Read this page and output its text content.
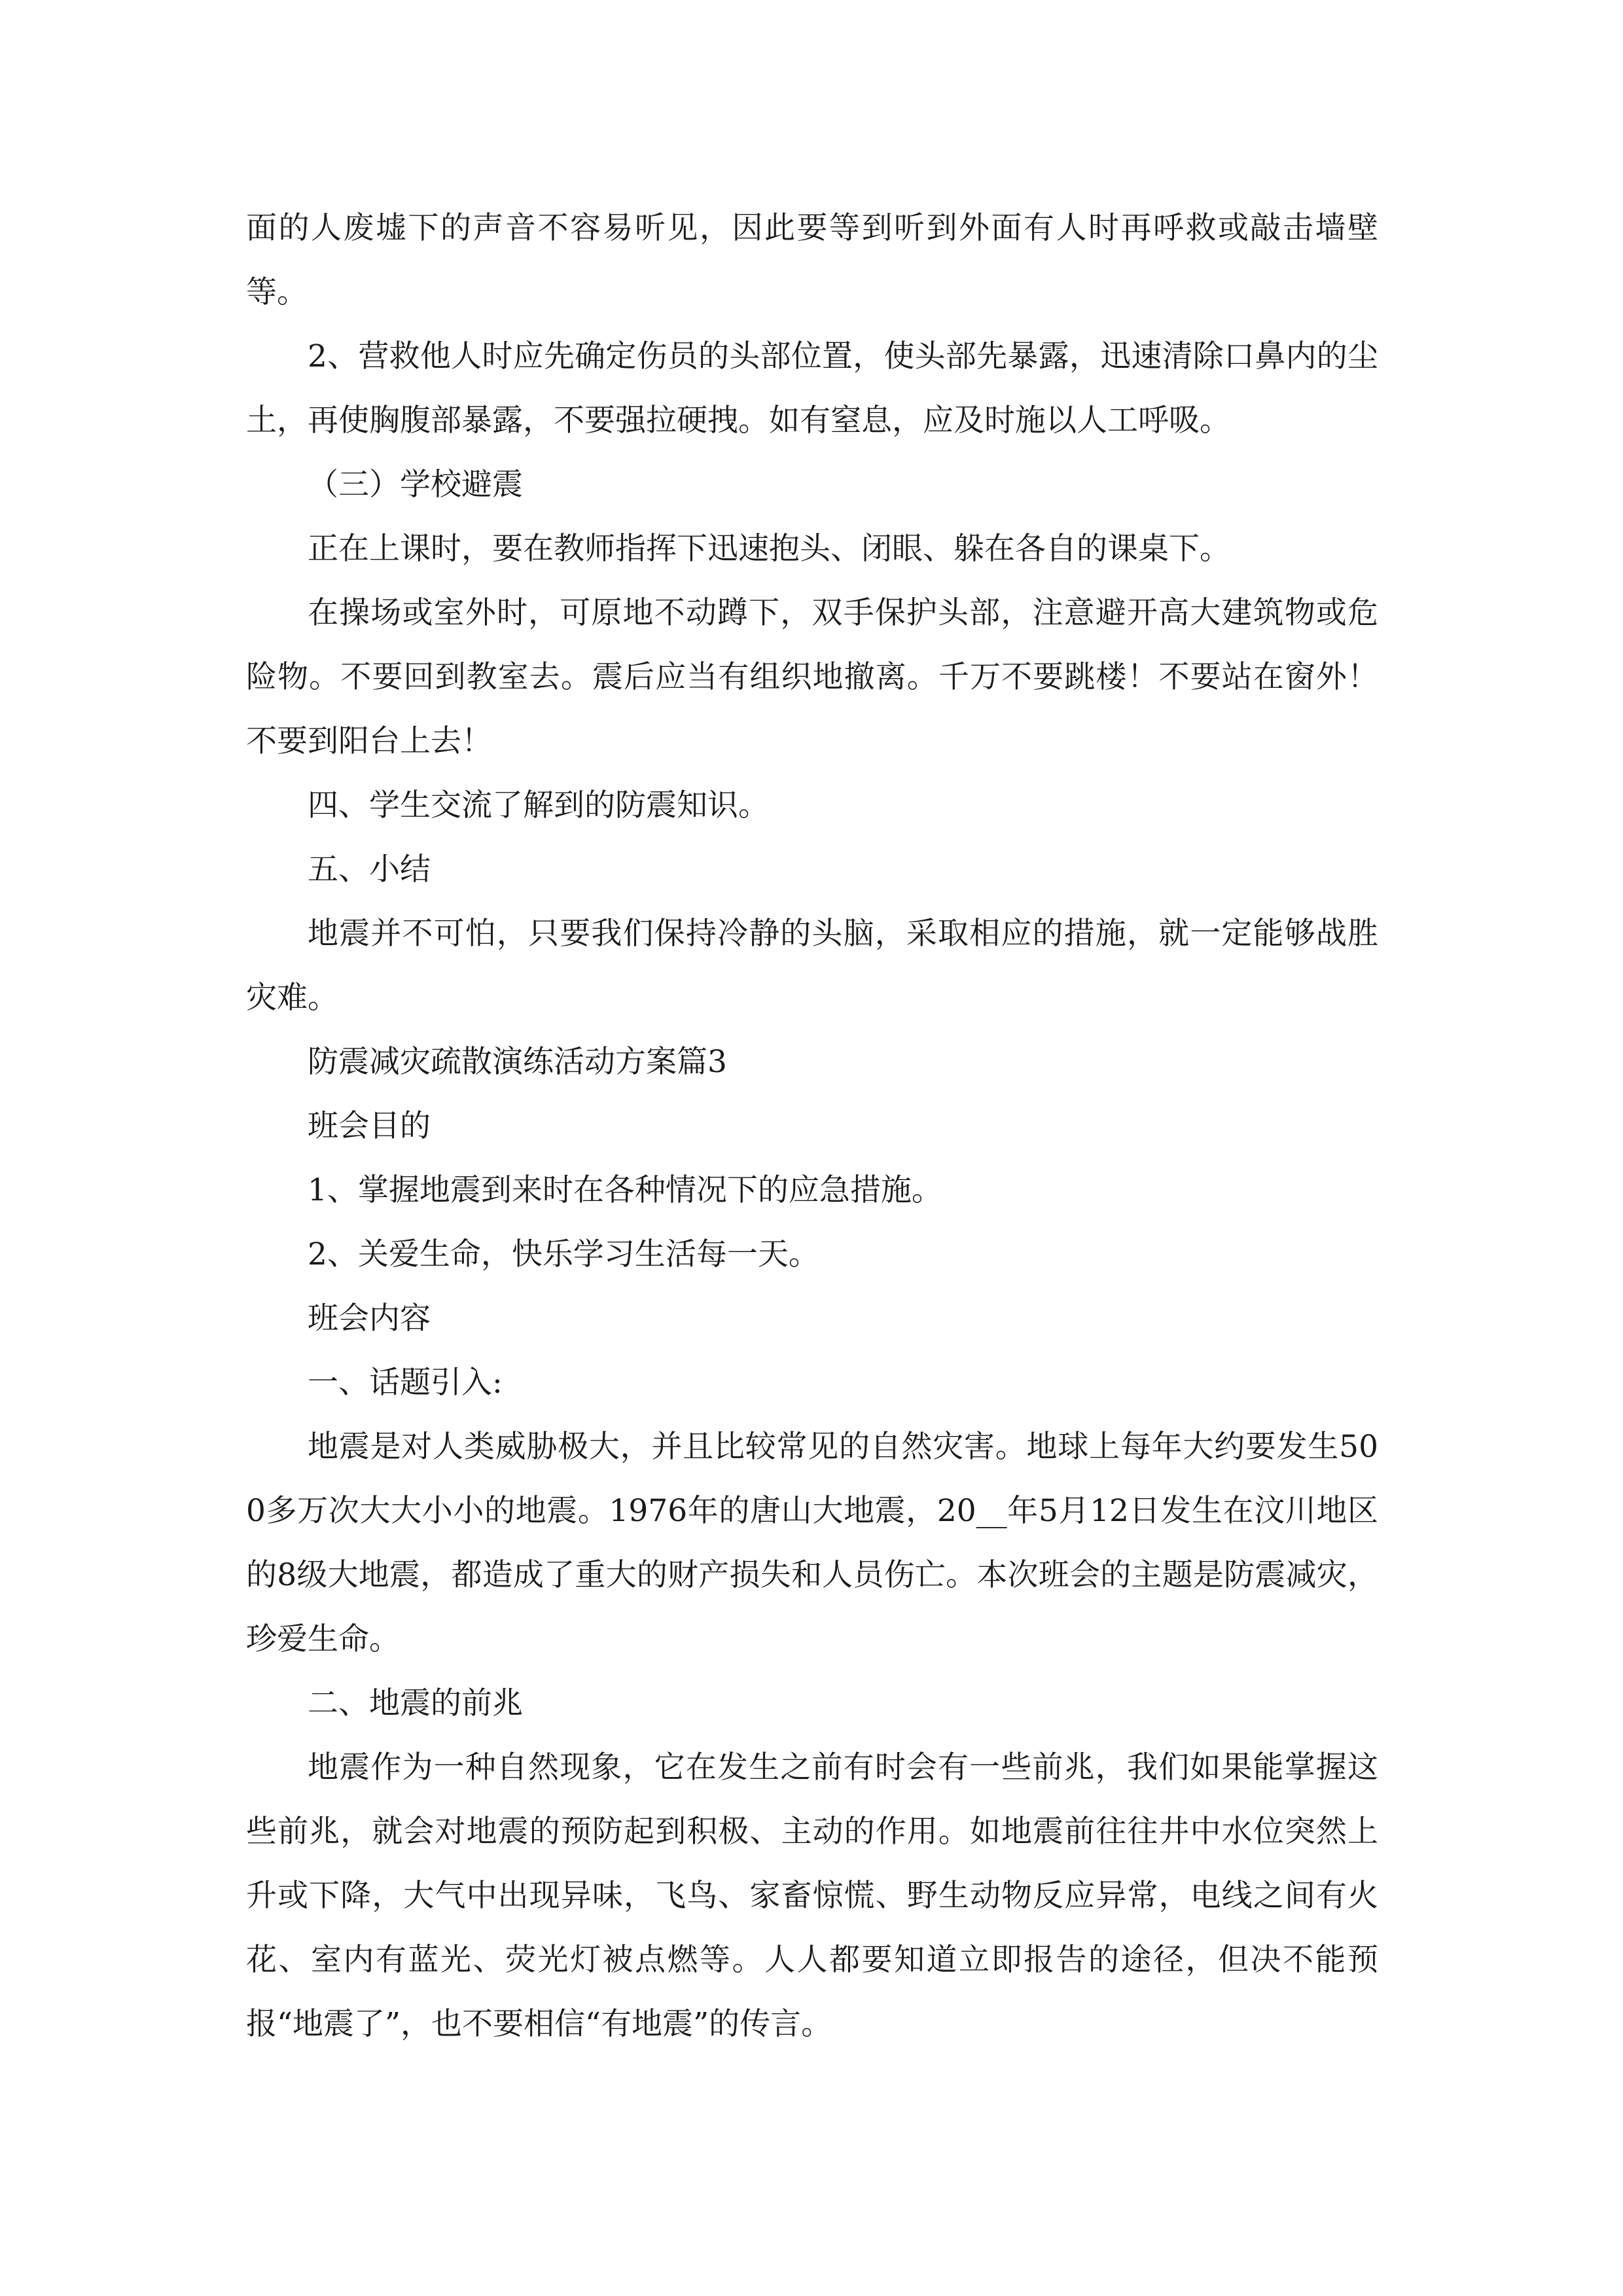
面的人废墟下的声音不容易听见，因此要等到听到外面有人时再呼救或敲击墙壁等。

2、营救他人时应先确定伤员的头部位置，使头部先暴露，迅速清除口鼻内的尘土，再使胸腹部暴露，不要强拉硬拽。如有窒息，应及时施以人工呼吸。

（三）学校避震

正在上课时，要在教师指挥下迅速抱头、闭眼、躲在各自的课桌下。

在操场或室外时，可原地不动蹲下，双手保护头部，注意避开高大建筑物或危险物。不要回到教室去。震后应当有组织地撤离。千万不要跳楼！不要站在窗外！不要到阳台上去！

四、学生交流了解到的防震知识。

五、小结

地震并不可怕，只要我们保持冷静的头脑，采取相应的措施，就一定能够战胜灾难。

防震减灾疏散演练活动方案篇3

班会目的

1、掌握地震到来时在各种情况下的应急措施。

2、关爱生命，快乐学习生活每一天。

班会内容

一、话题引入:

地震是对人类威胁极大，并且比较常见的自然灾害。地球上每年大约要发生500多万次大大小小的地震。1976年的唐山大地震，20__年5月12日发生在汶川地区的8级大地震，都造成了重大的财产损失和人员伤亡。本次班会的主题是防震减灾，珍爱生命。

二、地震的前兆

地震作为一种自然现象，它在发生之前有时会有一些前兆，我们如果能掌握这些前兆，就会对地震的预防起到积极、主动的作用。如地震前往往井中水位突然上升或下降，大气中出现异味，飞鸟、家畜惊慌、野生动物反应异常，电线之间有火花、室内有蓝光、荧光灯被点燃等。人人都要知道立即报告的途径，但决不能预报“地震了”，也不要相信“有地震”的传言。
